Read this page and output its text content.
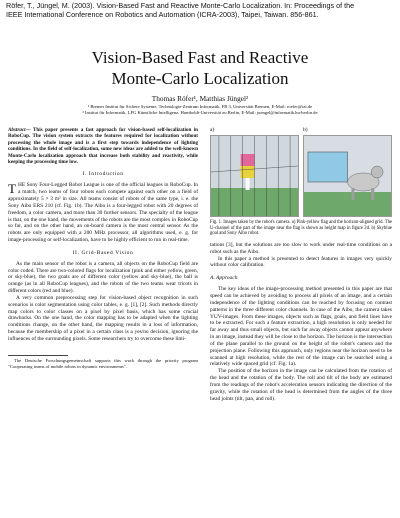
Röfer, T., Jüngel, M. (2003). Vision-Based Fast and Reactive Monte-Carlo Localization. In: Proceedings of the IEEE International Conference on Robotics and Automation (ICRA-2003), Taipei, Taiwan. 856-861.
Vision-Based Fast and Reactive
Monte-Carlo Localization
Thomas Röfer¹, Matthias Jüngel²
¹ Bremer Institut für Sichere Systeme, Technologie-Zentrum Informatik, FB 3, Universität Bremen, E-Mail: roefer@tzi.de
² Institut für Informatik, LFG Künstliche Intelligenz, Humboldt-Universität zu Berlin, E-Mail: juengel@informatik.hu-berlin.de

Abstract— This paper presents a fast approach for vision-based self-localization in RoboCup. The vision system extracts the features required for localization without processing the whole image and is a first step towards independence of lighting conditions. In the field of self-localization, some new ideas are added to the well-known Monte-Carlo localization approach that increase both stability and reactivity, while keeping the processing time low.

I. Introduction

THE Sony Four-Legged Robot League is one of the official leagues in RoboCup. In a match, two teams of four robots each compete against each other on a field of approximately 5 × 3 m² in size. All teams consist of robots of the same type, i. e. the Sony Aibo ERS 210 (cf. Fig. 1b). The Aibo is a four-legged robot with 20 degrees of freedom, a color camera, and more than 30 further sensors. The specialty of the league is that, on the one hand, the movements of the robots are the most complex in RoboCup so far, and on the other hand, an on-board camera is the most central sensor. As the robots are only equipped with a 200 MHz processor, all algorithms used, e. g. for image-processing or self-localization, have to be highly efficient to run in real-time.

II. Grid-Based Vision

As the main sensor of the robot is a camera, all objects on the RoboCup field are color coded. There are two-colored flags for localization (pink and either yellow, green, or sky-blue), the two goals are of different color (yellow and sky-blue), the ball is orange (as in all RoboCup leagues), and the robots of the two teams wear tricots in different colors (red and blue).

A very common preprocessing step for vision-based object recognition in such scenarios is color segmentation using color tables, e. g. [1], [2]. Such methods directly map colors to color classes on a pixel by pixel basis, which has some crucial drawbacks. On the one hand, the color mapping has to be adapted when the lighting conditions change, on the other hand, the mapping results in a loss of information, because the membership of a pixel in a certain class is a yes/no decision, ignoring the influences of the surrounding pixels. Some researchers try to overcome these limi-

The Deutsche Forschungsgemeinschaft supports this work through the priority program "Cooperating teams of mobile robots in dynamic environments".

a)	b)

Fig. 1. Images taken by the robot's camera. a) Pink-yellow flag and the horizon-aligned grid. The U-channel of the part of the image near the flag is shown as height map in figure 2d. b) Skyblue goal and Sony Aibo robot.

tations [3], but the solutions are too slow to work under real-time conditions on a robot such as the Aibo.

In this paper a method is presented to detect features in images very quickly without color calibration.

A. Approach

The key ideas of the image-processing method presented in this paper are that speed can be achieved by avoiding to process all pixels of an image, and a certain independence of the lighting conditions can be reached by focusing on contrast patterns in the three different color channels. In case of the Aibo, the camera takes YUV-images. From these images, objects such as flags, goals, and field lines have to be extracted. For such a feature extraction, a high resolution is only needed for far away and thus small objects, but such far away objects cannot appear anywhere in an image, instead they will be close to the horizon. The horizon is the intersection of the plane parallel to the ground on the height of the robot's camera and the projection plane. Following this approach, only regions near the horizon need to be scanned at high resolution, while the rest of the image can be searched using a relatively wide spaced grid (cf. Fig. 1a).

The position of the horizon in the image can be calculated from the rotation of the head and the rotation of the body. The roll and tilt of the body are estimated from the readings of the robot's acceleration sensors indicating the direction of the gravity, while the rotation of the head is determined from the angles of the three head joints (tilt, pan, and roll).
